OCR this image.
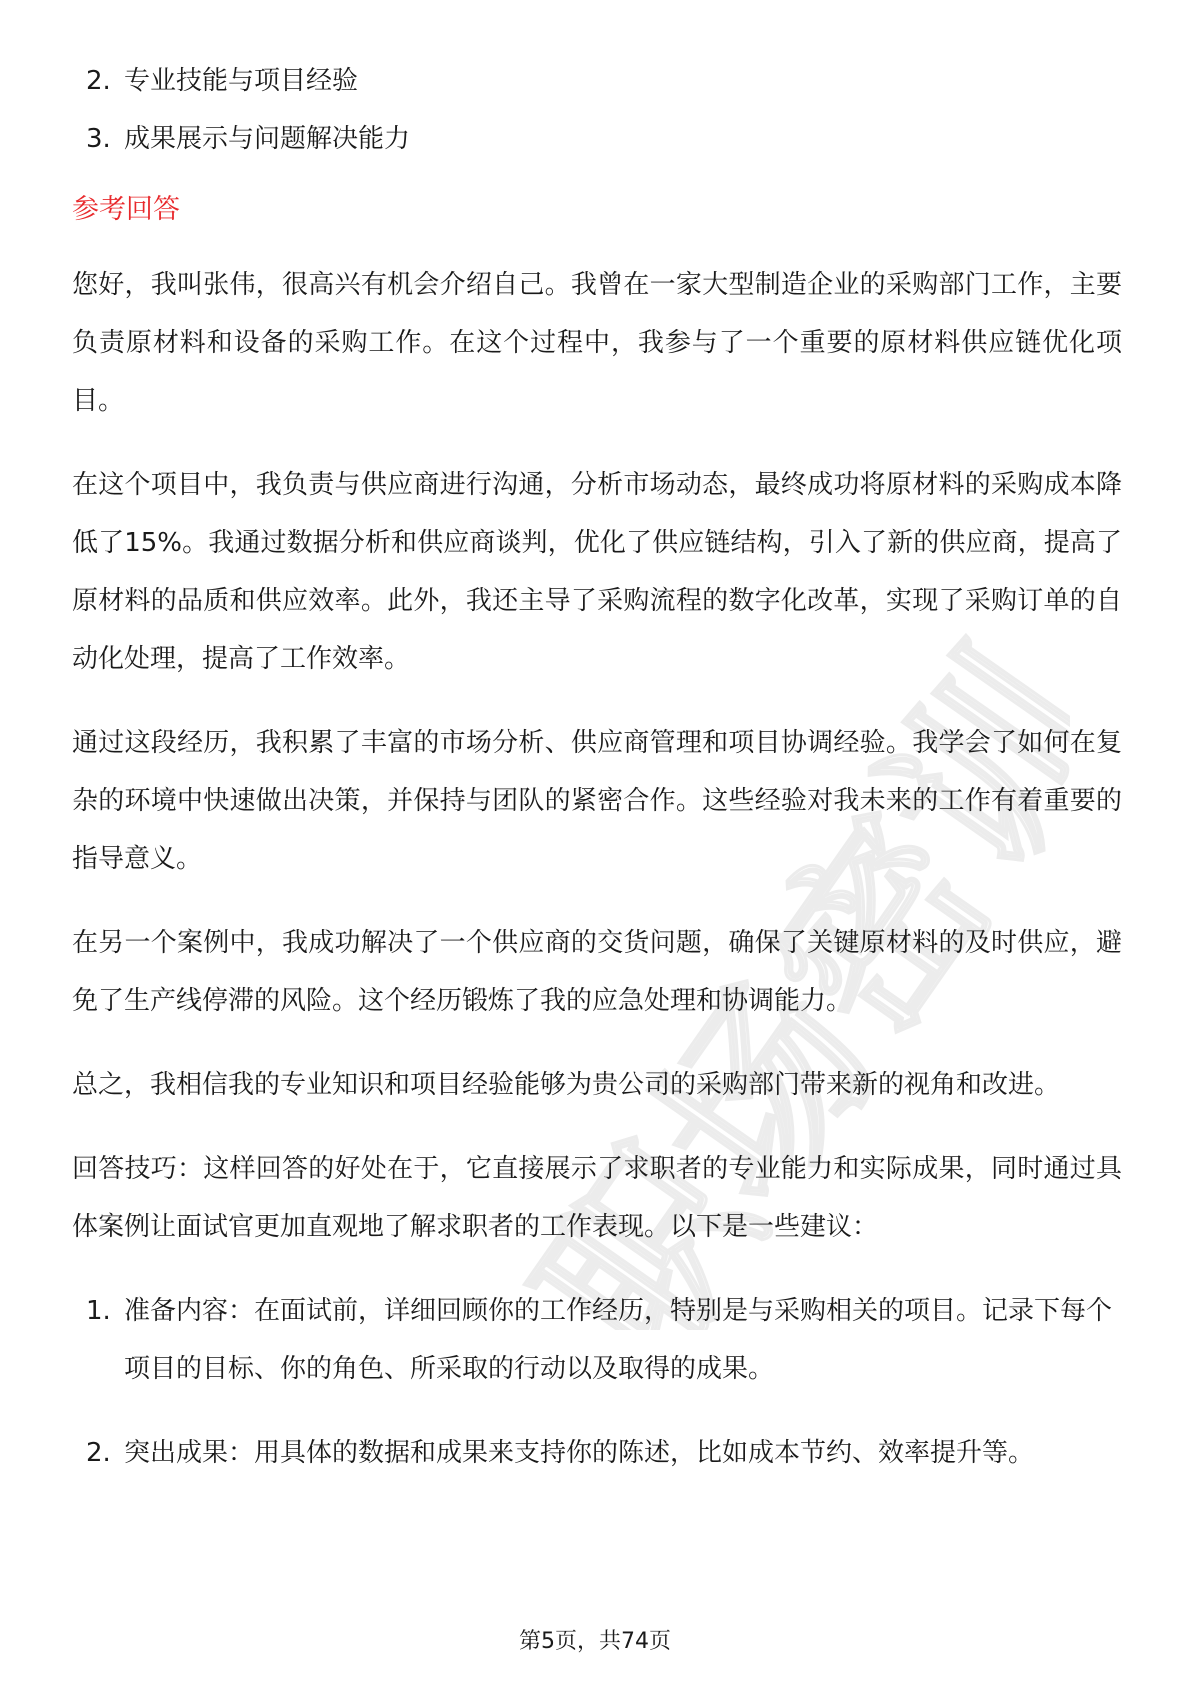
职场密训
2. 专业技能与项目经验
3. 成果展示与问题解决能力
参考回答

您好，我叫张伟，很高兴有机会介绍自己。我曾在一家大型制造企业的采购部门工作，主要负责原材料和设备的采购工作。在这个过程中，我参与了一个重要的原材料供应链优化项目。

在这个项目中，我负责与供应商进行沟通，分析市场动态，最终成功将原材料的采购成本降低了15%。我通过数据分析和供应商谈判，优化了供应链结构，引入了新的供应商，提高了原材料的品质和供应效率。此外，我还主导了采购流程的数字化改革，实现了采购订单的自动化处理，提高了工作效率。

通过这段经历，我积累了丰富的市场分析、供应商管理和项目协调经验。我学会了如何在复杂的环境中快速做出决策，并保持与团队的紧密合作。这些经验对我未来的工作有着重要的指导意义。

在另一个案例中，我成功解决了一个供应商的交货问题，确保了关键原材料的及时供应，避免了生产线停滞的风险。这个经历锻炼了我的应急处理和协调能力。

总之，我相信我的专业知识和项目经验能够为贵公司的采购部门带来新的视角和改进。

回答技巧：这样回答的好处在于，它直接展示了求职者的专业能力和实际成果，同时通过具体案例让面试官更加直观地了解求职者的工作表现。以下是一些建议：

1. 准备内容：在面试前，详细回顾你的工作经历，特别是与采购相关的项目。记录下每个项目的目标、你的角色、所采取的行动以及取得的成果。
2. 突出成果：用具体的数据和成果来支持你的陈述，比如成本节约、效率提升等。
第5页，共74页
